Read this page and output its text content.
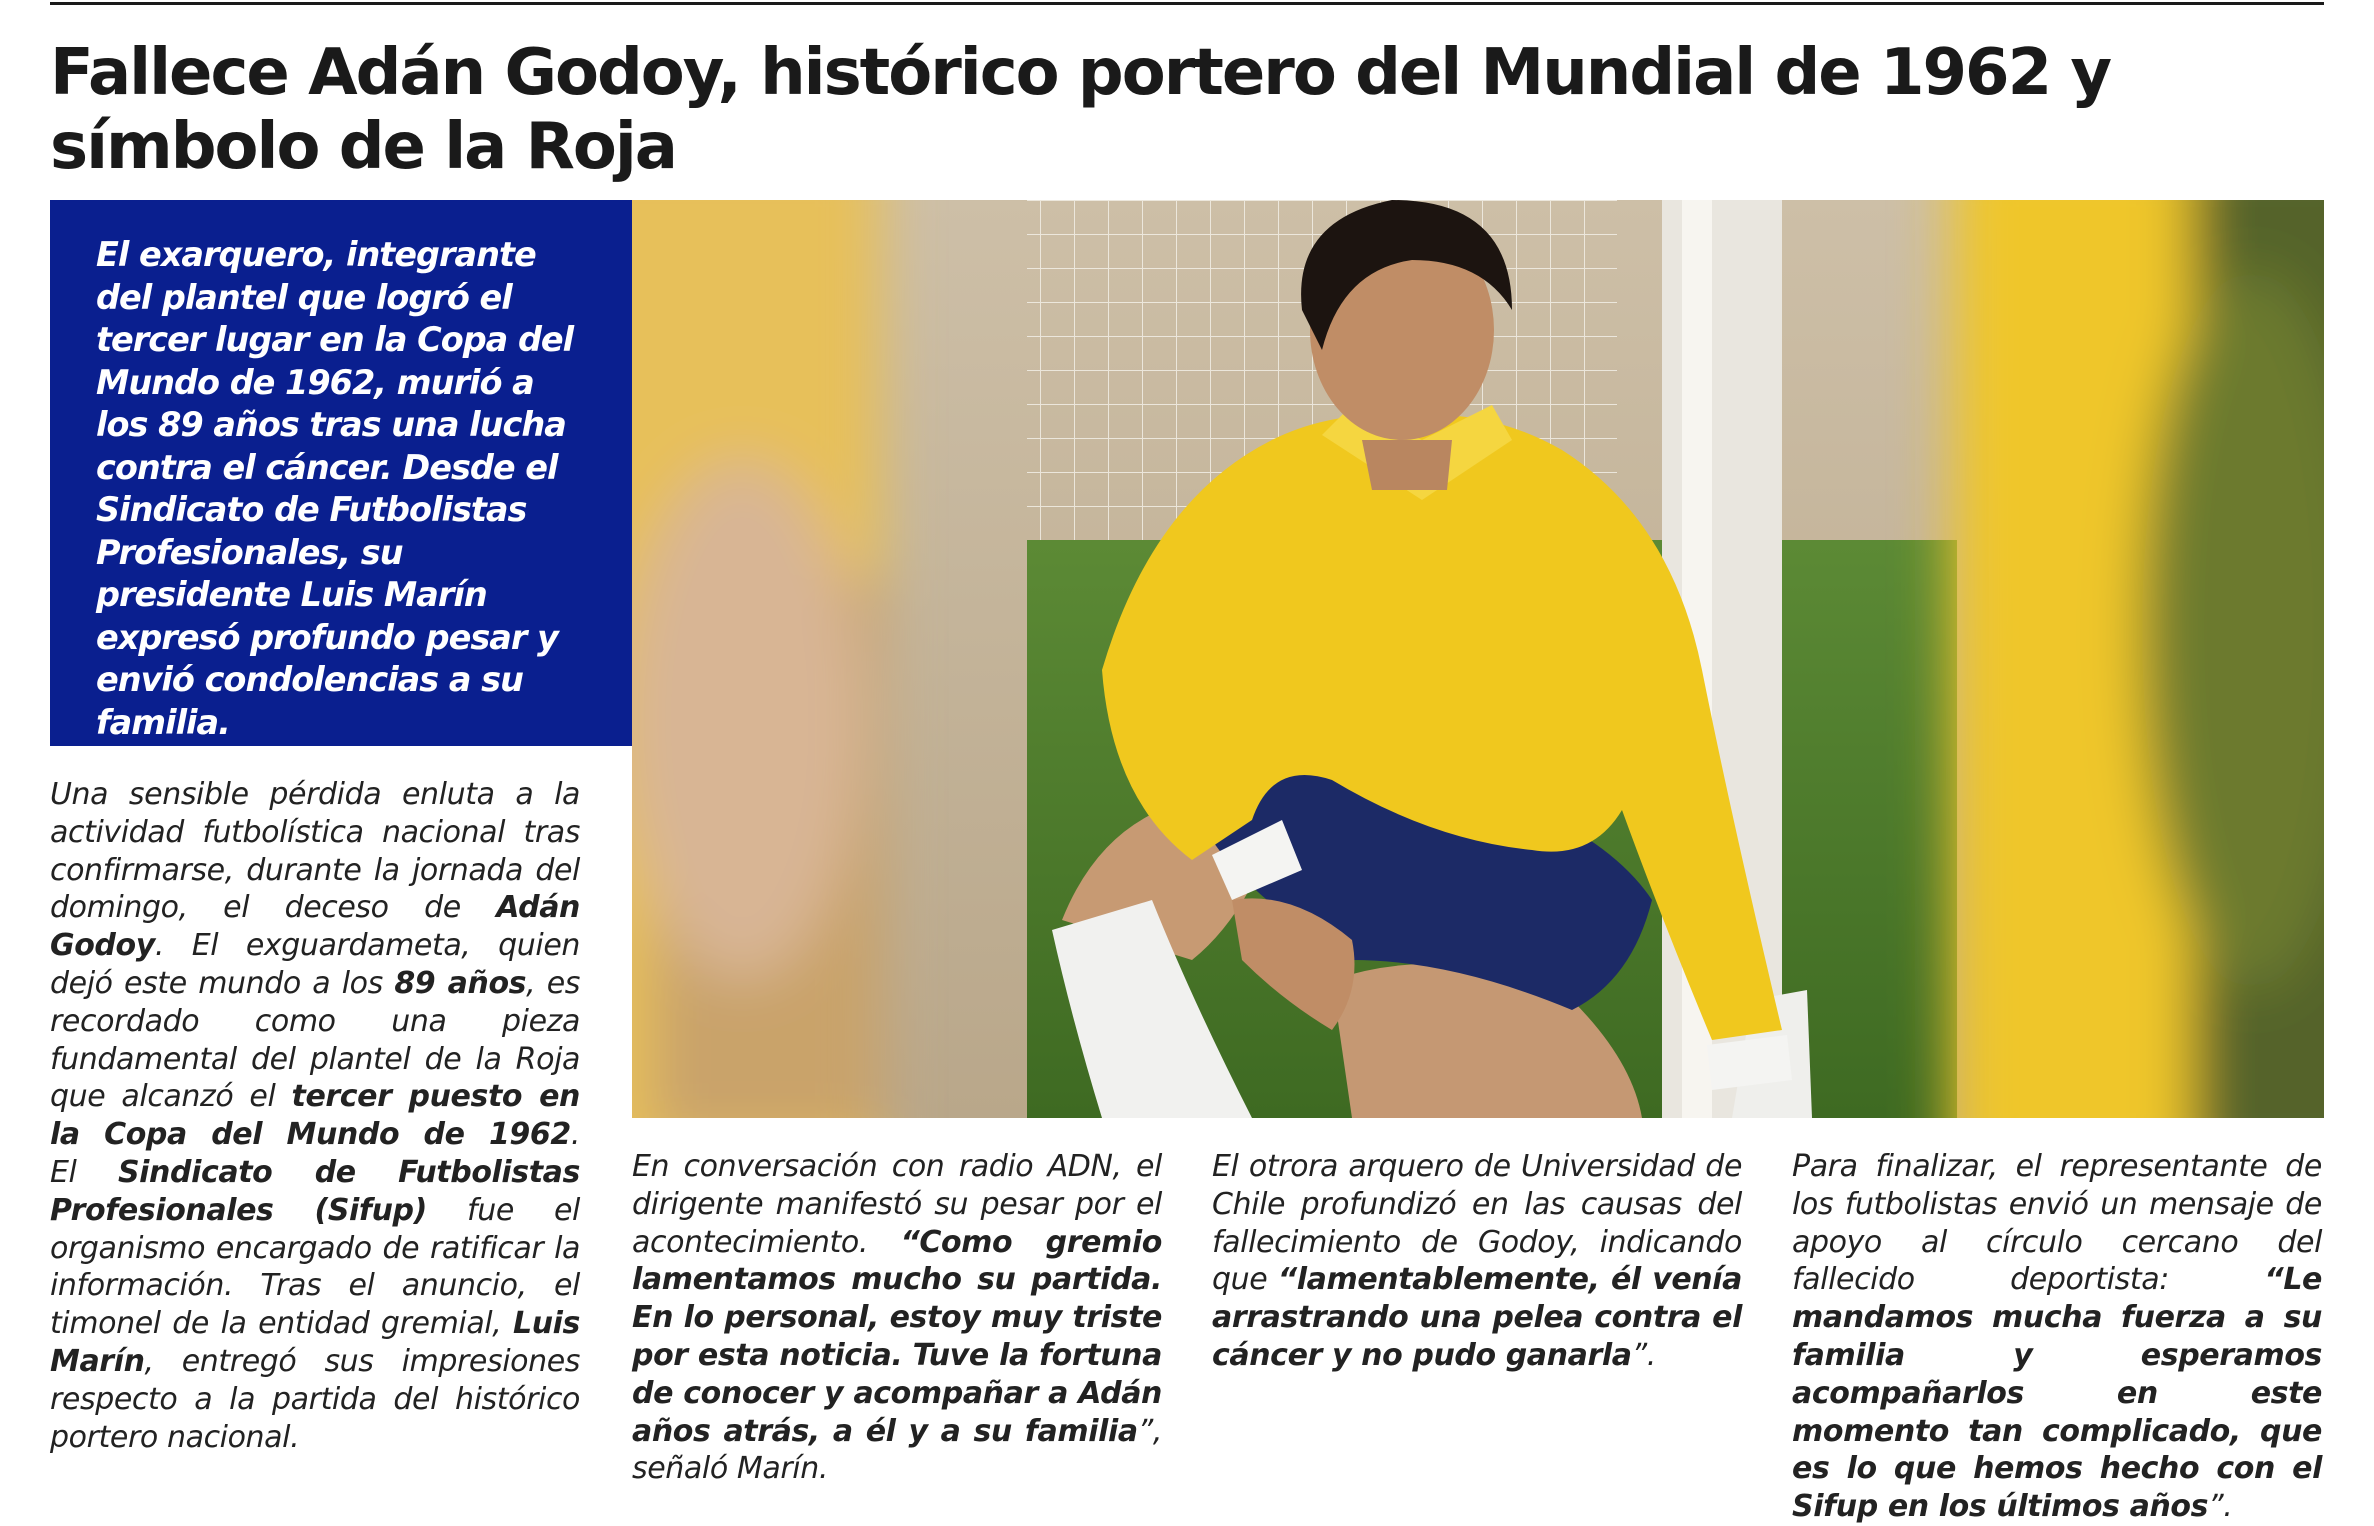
Fallece Adán Godoy, histórico portero del Mundial de 1962 y símbolo de la Roja

El exarquero, integrante del plantel que logró el tercer lugar en la Copa del Mundo de 1962, murió a los 89 años tras una lucha contra el cáncer. Desde el Sindicato de Futbolistas Profesionales, su presidente Luis Marín expresó profundo pesar y envió condolencias a su familia.

Una sensible pérdida enluta a la actividad futbolística nacional tras confirmarse, durante la jornada del domingo, el deceso de Adán Godoy. El exguardameta, quien dejó este mundo a los 89 años, es recordado como una pieza fundamental del plantel de la Roja que alcanzó el tercer puesto en la Copa del Mundo de 1962.
El Sindicato de Futbolistas Profesionales (Sifup) fue el organismo encargado de ratificar la información. Tras el anuncio, el timonel de la entidad gremial, Luis Marín, entregó sus impresiones respecto a la partida del histórico portero nacional.

En conversación con radio ADN, el dirigente manifestó su pesar por el acontecimiento. “Como gremio lamentamos mucho su partida. En lo personal, estoy muy triste por esta noticia. Tuve la fortuna de conocer y acompañar a Adán años atrás, a él y a su familia”, señaló Marín.

El otrora arquero de Universidad de Chile profundizó en las causas del fallecimiento de Godoy, indicando que “lamentablemente, él venía arrastrando una pelea contra el cáncer y no pudo ganarla”.

Para finalizar, el representante de los futbolistas envió un mensaje de apoyo al círculo cercano del fallecido deportista: “Le mandamos mucha fuerza a su familia y esperamos acompañarlos en este momento tan complicado, que es lo que hemos hecho con el Sifup en los últimos años”.
